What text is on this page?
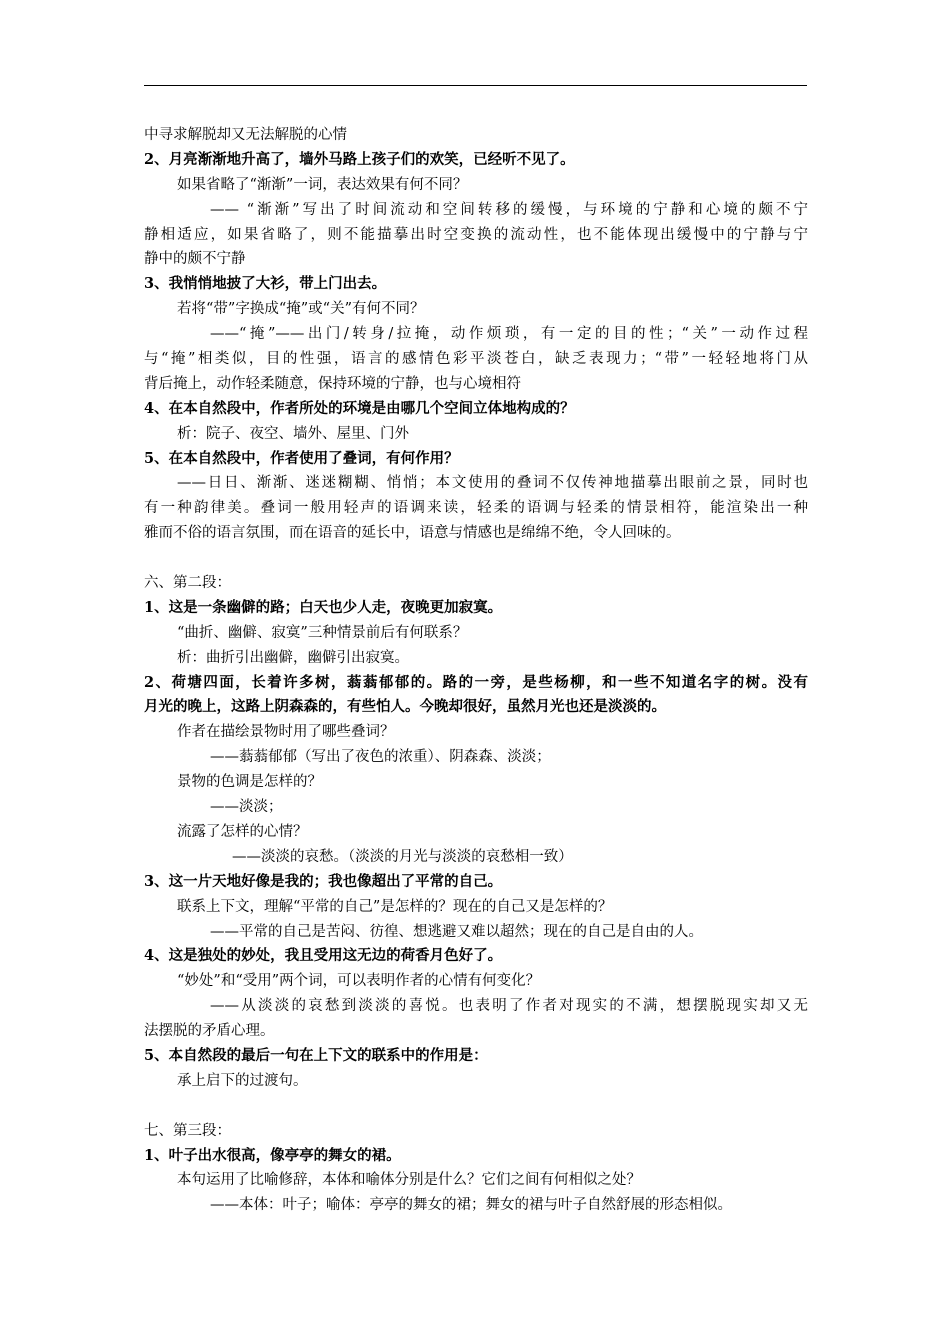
中寻求解脱却又无法解脱的心情
2、月亮渐渐地升高了，墙外马路上孩子们的欢笑，已经听不见了。
如果省略了“渐渐”一词，表达效果有何不同？
—— “渐渐”写出了时间流动和空间转移的缓慢，与环境的宁静和心境的颇不宁
静相适应，如果省略了，则不能描摹出时空变换的流动性，也不能体现出缓慢中的宁静与宁
静中的颇不宁静
3、我悄悄地披了大衫，带上门出去。
若将“带”字换成“掩”或“关”有何不同？
——“掩”——出门/转身/拉掩，动作烦琐，有一定的目的性；“关”一动作过程
与“掩”相类似，目的性强，语言的感情色彩平淡苍白，缺乏表现力；“带”一轻轻地将门从
背后掩上，动作轻柔随意，保持环境的宁静，也与心境相符
4、在本自然段中，作者所处的环境是由哪几个空间立体地构成的？
析：院子、夜空、墙外、屋里、门外
5、在本自然段中，作者使用了叠词，有何作用？
——日日、渐渐、迷迷糊糊、悄悄；本文使用的叠词不仅传神地描摹出眼前之景，同时也
有一种韵律美。叠词一般用轻声的语调来读，轻柔的语调与轻柔的情景相符，能渲染出一种
雅而不俗的语言氛围，而在语音的延长中，语意与情感也是绵绵不绝，令人回味的。
六、第二段：
1、这是一条幽僻的路；白天也少人走，夜晚更加寂寞。
“曲折、幽僻、寂寞”三种情景前后有何联系？
析：曲折引出幽僻，幽僻引出寂寞。
2、荷塘四面，长着许多树，蓊蓊郁郁的。路的一旁，是些杨柳，和一些不知道名字的树。没有
月光的晚上，这路上阴森森的，有些怕人。今晚却很好，虽然月光也还是淡淡的。
作者在描绘景物时用了哪些叠词？
——蓊蓊郁郁（写出了夜色的浓重）、阴森森、淡淡；
景物的色调是怎样的？
——淡淡；
流露了怎样的心情？
——淡淡的哀愁。（淡淡的月光与淡淡的哀愁相一致）
3、这一片天地好像是我的；我也像超出了平常的自己。
联系上下文，理解“平常的自己”是怎样的？现在的自己又是怎样的？
——平常的自己是苦闷、彷徨、想逃避又难以超然；现在的自己是自由的人。
4、这是独处的妙处，我且受用这无边的荷香月色好了。
“妙处”和“受用”两个词，可以表明作者的心情有何变化？
——从淡淡的哀愁到淡淡的喜悦。也表明了作者对现实的不满，想摆脱现实却又无
法摆脱的矛盾心理。
5、本自然段的最后一句在上下文的联系中的作用是：
承上启下的过渡句。
七、第三段：
1、叶子出水很高，像亭亭的舞女的裙。
本句运用了比喻修辞，本体和喻体分别是什么？它们之间有何相似之处？
——本体：叶子；喻体：亭亭的舞女的裙；舞女的裙与叶子自然舒展的形态相似。
